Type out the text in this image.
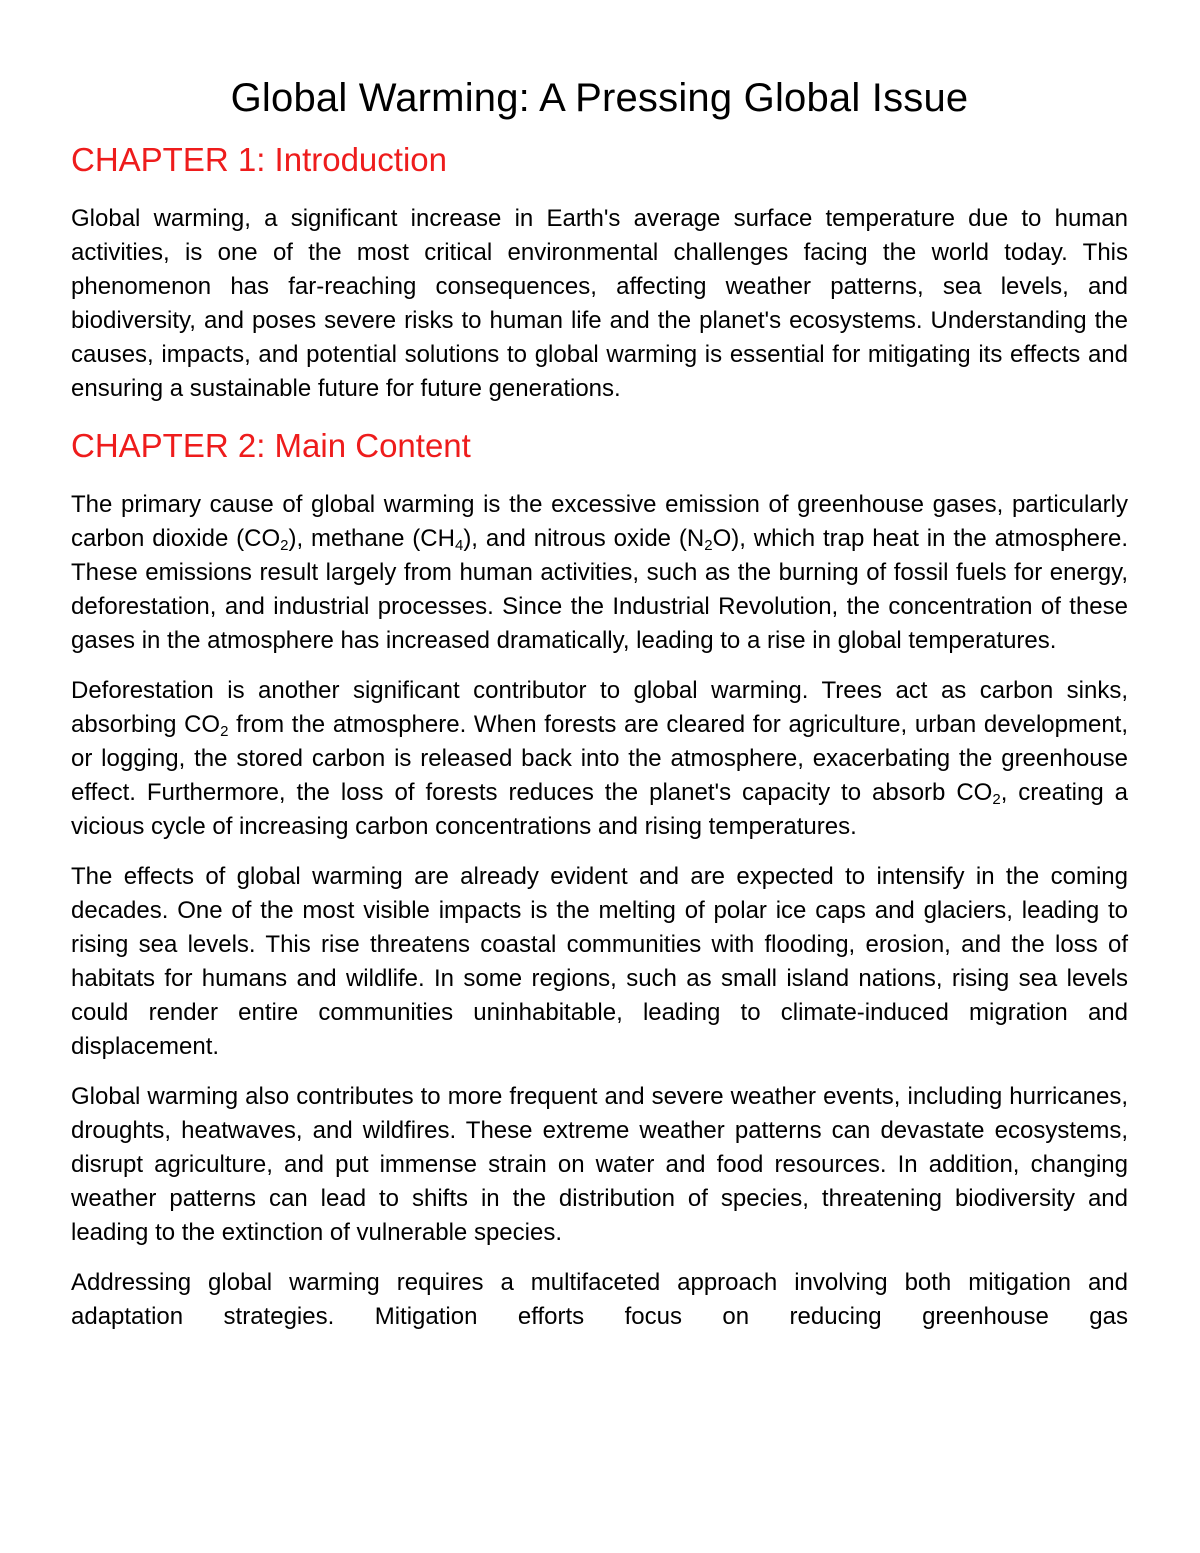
Global Warming: A Pressing Global Issue
CHAPTER 1: Introduction

Global warming, a significant increase in Earth's average surface temperature due to human activities, is one of the most critical environmental challenges facing the world today. This phenomenon has far-reaching consequences, affecting weather patterns, sea levels, and biodiversity, and poses severe risks to human life and the planet's ecosystems. Understanding the causes, impacts, and potential solutions to global warming is essential for mitigating its effects and ensuring a sustainable future for future generations.

CHAPTER 2: Main Content

The primary cause of global warming is the excessive emission of greenhouse gases, particularly carbon dioxide $(CO_2)$, methane $(CH_4)$, and nitrous oxide $(N_2O)$, which trap heat in the atmosphere. These emissions result largely from human activities, such as the burning of fossil fuels for energy, deforestation, and industrial processes. Since the Industrial Revolution, the concentration of these gases in the atmosphere has increased dramatically, leading to a rise in global temperatures.

Deforestation is another significant contributor to global warming. Trees act as carbon sinks, absorbing $CO_2$ from the atmosphere. When forests are cleared for agriculture, urban development, or logging, the stored carbon is released back into the atmosphere, exacerbating the greenhouse effect. Furthermore, the loss of forests reduces the planet's capacity to absorb $CO_2$, creating a vicious cycle of increasing carbon concentrations and rising temperatures.

The effects of global warming are already evident and are expected to intensify in the coming decades. One of the most visible impacts is the melting of polar ice caps and glaciers, leading to rising sea levels. This rise threatens coastal communities with flooding, erosion, and the loss of habitats for humans and wildlife. In some regions, such as small island nations, rising sea levels could render entire communities uninhabitable, leading to climate-induced migration and displacement.

Global warming also contributes to more frequent and severe weather events, including hurricanes, droughts, heatwaves, and wildfires. These extreme weather patterns can devastate ecosystems, disrupt agriculture, and put immense strain on water and food resources. In addition, changing weather patterns can lead to shifts in the distribution of species, threatening biodiversity and leading to the extinction of vulnerable species.

Addressing global warming requires a multifaceted approach involving both mitigation and adaptation strategies. Mitigation efforts focus on reducing greenhouse gas
